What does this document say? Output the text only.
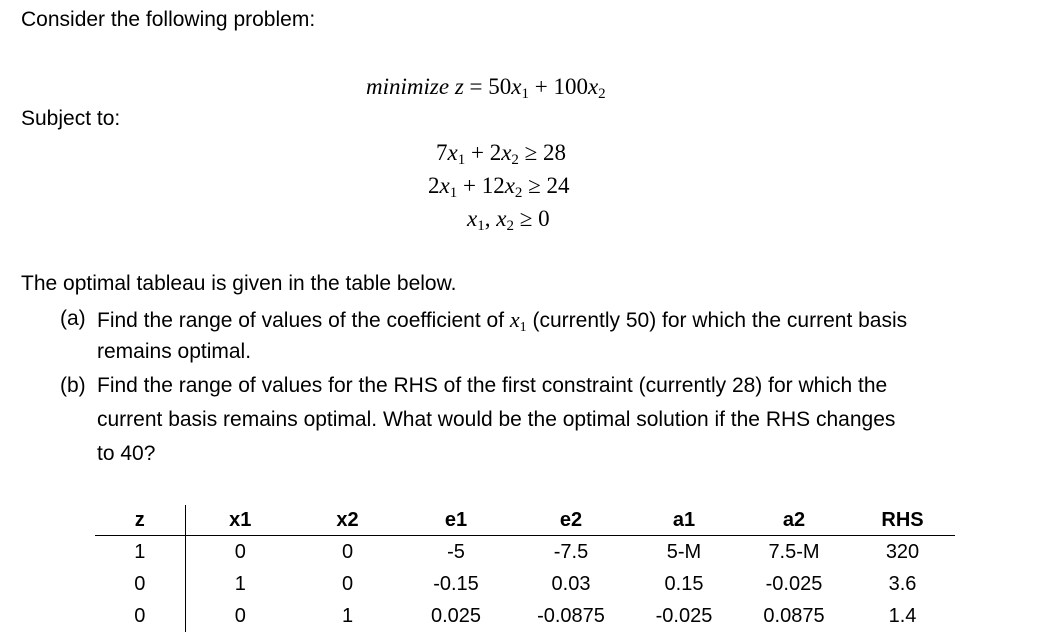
Consider the following problem:
minimize $z = 50x_1 + 100x_2$
Subject to:
$7x_1 + 2x_2 \ge 28$
$2x_1 + 12x_2 \ge 24$
$x_1$, $x_2 \ge 0$
The optimal tableau is given in the table below.
(a) Find the range of values of the coefficient of $x_1$ (currently 50) for which the current basis
remains optimal.
(b) Find the range of values for the RHS of the first constraint (currently 28) for which the
current basis remains optimal. What would be the optimal solution if the RHS changes
to 40?
z	x1	x2	e1	e2	a1	a2	RHS
1	0	0	-5	-7.5	5-M	7.5-M	320
0	1	0	-0.15	0.03	0.15	-0.025	3.6
0	0	1	0.025	-0.0875	-0.025	0.0875	1.4
